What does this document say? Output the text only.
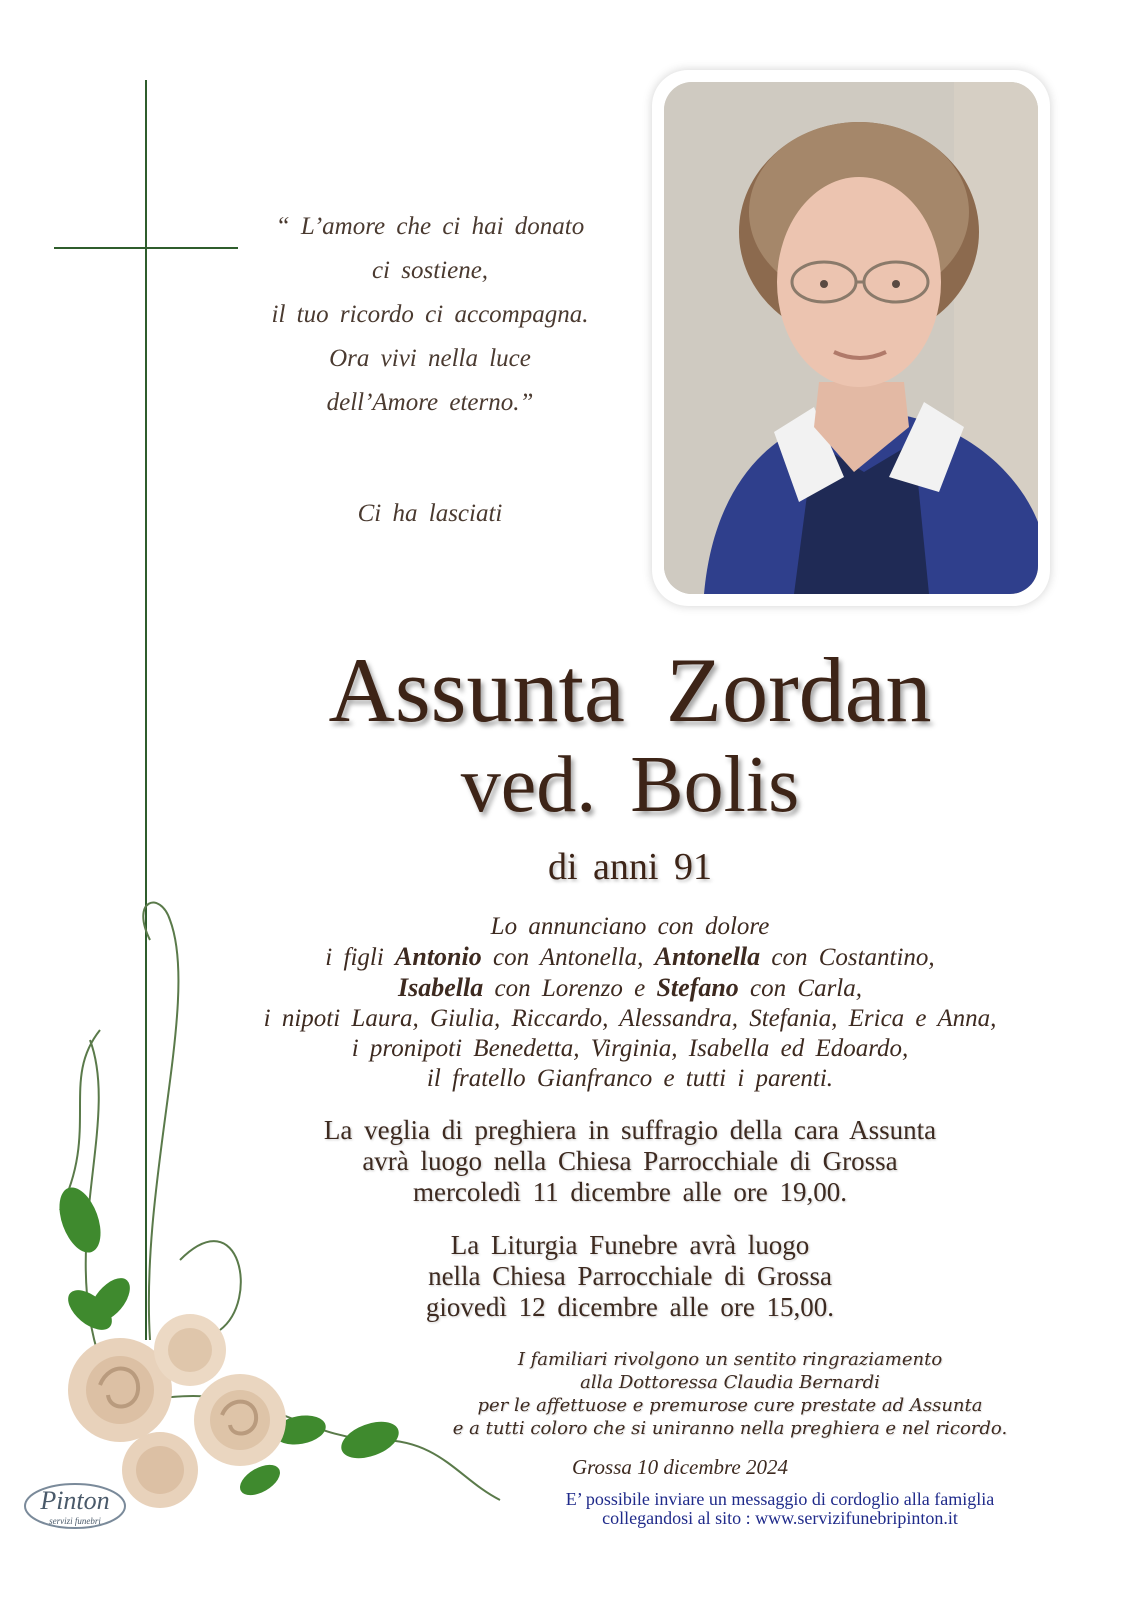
“ L’amore che ci hai donato
ci sostiene,
il tuo ricordo ci accompagna.
Ora vivi nella luce
dell’Amore eterno.”
Ci ha lasciati
Assunta Zordan
ved. Bolis
di anni 91
Lo annunciano con dolore
i figli Antonio con Antonella, Antonella con Costantino,
Isabella con Lorenzo e Stefano con Carla,
i nipoti Laura, Giulia, Riccardo, Alessandra, Stefania, Erica e Anna,
i pronipoti Benedetta, Virginia, Isabella ed Edoardo,
il fratello Gianfranco e tutti i parenti.
La veglia di preghiera in suffragio della cara Assunta
avrà luogo nella Chiesa Parrocchiale di Grossa
mercoledì 11 dicembre alle ore 19,00.
La Liturgia Funebre avrà luogo
nella Chiesa Parrocchiale di Grossa
giovedì 12 dicembre alle ore 15,00.
I familiari rivolgono un sentito ringraziamento
alla Dottoressa Claudia Bernardi
per le affettuose e premurose cure prestate ad Assunta
e a tutti coloro che si uniranno nella preghiera e nel ricordo.
Grossa 10 dicembre 2024
E’ possibile inviare un messaggio di cordoglio alla famiglia
collegandosi al sito : www.servizifunebripinton.it
Pinton
servizi funebri
